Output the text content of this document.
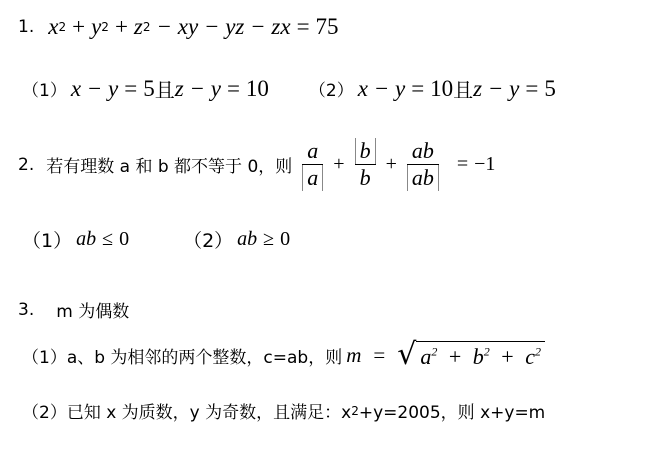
1. x 2 + y 2 + z 2 − xy − yz − zx = 75
（1） x − y = 5 且 z − y = 10 （2） x − y = 10 且 z − y = 5
2. 若有理数 a 和 b 都不等于 0，则 $\frac{a}{a} + \frac{b}{b} + \frac{ab}{ab} = -1$
（1） ab ≤ 0	（2） ab ≥ 0
3. m 为偶数
（1）a、b 为相邻的两个整数，c=ab，则 m = √ $a^2 + b^2 + c^2$
（2）已知 x 为质数，y 为奇数，且满足：x 2 +y=2005，则 x+y=m
